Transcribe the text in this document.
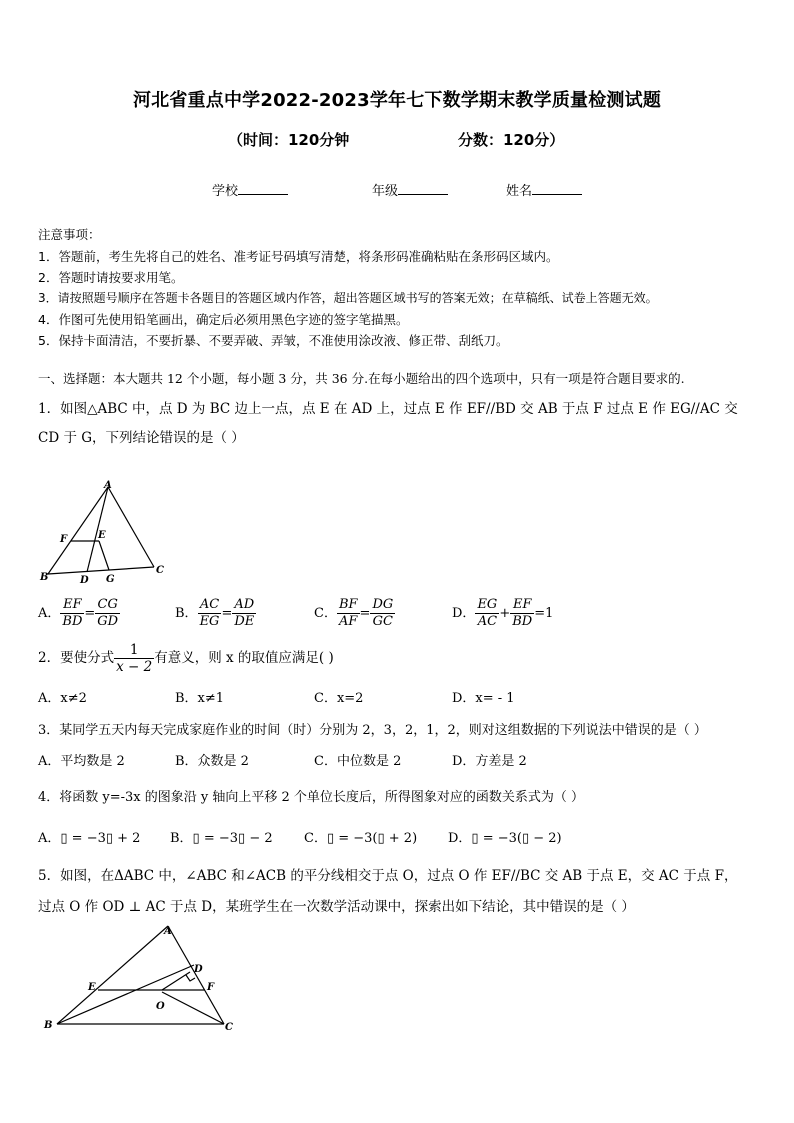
河北省重点中学2022-2023学年七下数学期末教学质量检测试题
（时间：120分钟	分数：120分）
学校	年级	姓名
注意事项：
1．答题前，考生先将自己的姓名、准考证号码填写清楚，将条形码准确粘贴在条形码区域内。
2．答题时请按要求用笔。
3．请按照题号顺序在答题卡各题目的答题区域内作答，超出答题区域书写的答案无效；在草稿纸、试卷上答题无效。
4．作图可先使用铅笔画出，确定后必须用黑色字迹的签字笔描黑。
5．保持卡面清洁，不要折暴、不要弄破、弄皱，不准使用涂改液、修正带、刮纸刀。
一、选择题：本大题共 12 个小题，每小题 3 分，共 36 分.在每小题给出的四个选项中，只有一项是符合题目要求的.
1．如图△ABC 中，点 D 为 BC 边上一点，点 E 在 AD 上，过点 E 作 EF//BD 交 AB 于点 F 过点 E 作 EG//AC 交
CD 于 G，下列结论错误的是（ ）
A
F	E
B	D G
C
A． $\frac{EF}{BD} = \frac{CG}{GD}$	B． $\frac{AC}{EG} = \frac{AD}{DE}$	C． $\frac{BF}{AF} = \frac{DG}{GC}$	D． $\frac{EG}{AC} + \frac{EF}{BD} =1$
2．要使分式 $\frac{1}{x - 2}$ 有意义，则 x 的取值应满足( )
A．x≠2	B．x≠1	C．x=2	D．x= - 1
3．某同学五天内每天完成家庭作业的时间（时）分别为 2，3，2，1，2，则对这组数据的下列说法中错误的是（ ）
A．平均数是 2	B．众数是 2	C．中位数是 2	D．方差是 2
4．将函数 y=-3x 的图象沿 y 轴向上平移 2 个单位长度后，所得图象对应的函数关系式为（ ）
A．▯ = −3▯ + 2 B．▯ = −3▯ − 2 C．▯ = −3(▯ + 2) D．▯ = −3(▯ − 2)
5．如图，在ΔABC 中，∠ABC 和∠ACB 的平分线相交于点 O，过点 O 作 EF//BC 交 AB 于点 E，交 AC 于点 F，
过点 O 作 OD ⊥ AC 于点 D，某班学生在一次数学活动课中，探索出如下结论，其中错误的是（ ）
A
D
E	F
O
B	C
